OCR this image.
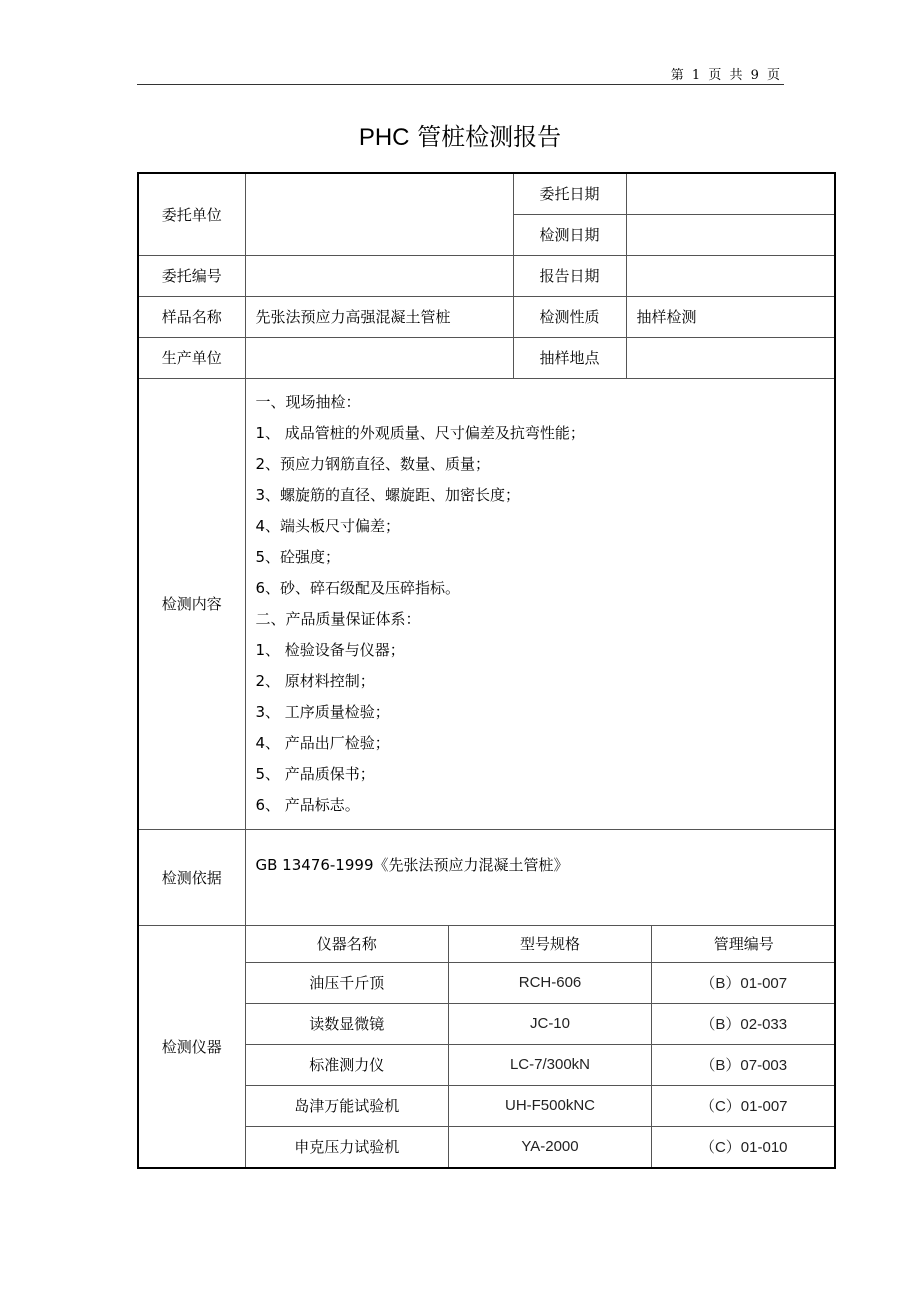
第 1 页 共 9 页
PHC 管桩检测报告
委托单位		委托日期	
检测日期	
委托编号		报告日期	
样品名称	先张法预应力高强混凝土管桩	检测性质	抽样检测
生产单位		抽样地点	
检测内容	
一、现场抽检：
1、 成品管桩的外观质量、尺寸偏差及抗弯性能；
2、预应力钢筋直径、数量、质量；
3、螺旋筋的直径、螺旋距、加密长度；
4、端头板尺寸偏差；
5、砼强度；
6、砂、碎石级配及压碎指标。
二、产品质量保证体系：
1、 检验设备与仪器；
2、 原材料控制；
3、 工序质量检验；
4、 产品出厂检验；
5、 产品质保书；
6、 产品标志。

检测依据	GB 13476-1999《先张法预应力混凝土管桩》
检测仪器	
仪器名称	型号规格	管理编号
油压千斤顶	RCH-606	（B）01-007
读数显微镜	JC-10	（B）02-033
标准测力仪	LC-7/300kN	（B）07-003
岛津万能试验机	UH-F500kNC	（C）01-007
申克压力试验机	YA-2000	（C）01-010
